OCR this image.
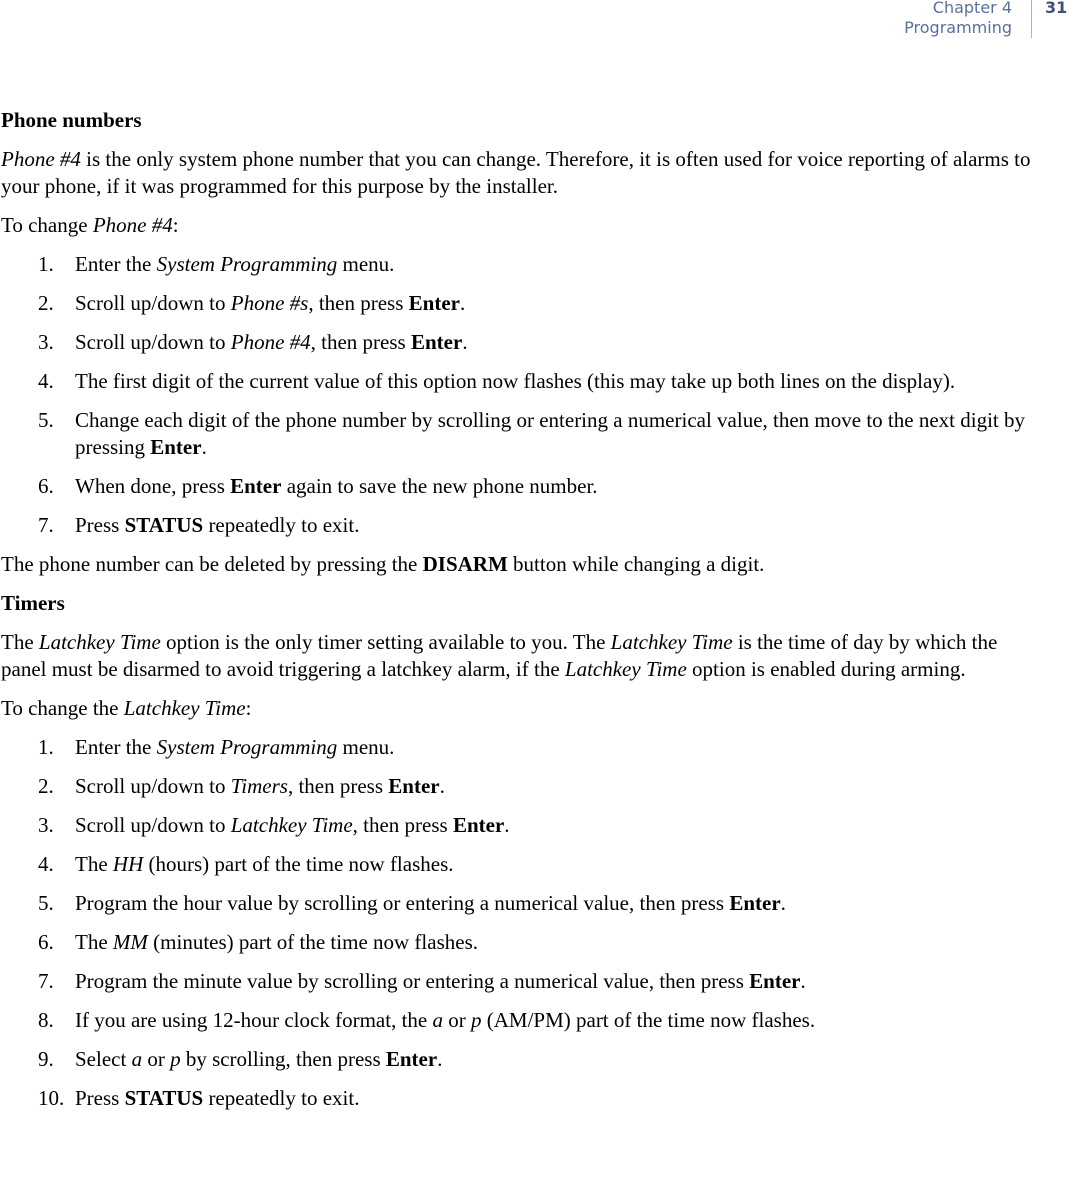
Chapter 4
Programming
31

Phone numbers

Phone #4 is the only system phone number that you can change. Therefore, it is often used for voice reporting of alarms to your phone, if it was programmed for this purpose by the installer.

To change Phone #4:

1. Enter the System Programming menu.
2. Scroll up/down to Phone #s, then press Enter.
3. Scroll up/down to Phone #4, then press Enter.
4. The first digit of the current value of this option now flashes (this may take up both lines on the display).
5. Change each digit of the phone number by scrolling or entering a numerical value, then move to the next digit by pressing Enter.
6. When done, press Enter again to save the new phone number.
7. Press STATUS repeatedly to exit.

The phone number can be deleted by pressing the DISARM button while changing a digit.

Timers

The Latchkey Time option is the only timer setting available to you. The Latchkey Time is the time of day by which the panel must be disarmed to avoid triggering a latchkey alarm, if the Latchkey Time option is enabled during arming.

To change the Latchkey Time:

1. Enter the System Programming menu.
2. Scroll up/down to Timers, then press Enter.
3. Scroll up/down to Latchkey Time, then press Enter.
4. The HH (hours) part of the time now flashes.
5. Program the hour value by scrolling or entering a numerical value, then press Enter.
6. The MM (minutes) part of the time now flashes.
7. Program the minute value by scrolling or entering a numerical value, then press Enter.
8. If you are using 12-hour clock format, the a or p (AM/PM) part of the time now flashes.
9. Select a or p by scrolling, then press Enter.
10. Press STATUS repeatedly to exit.
